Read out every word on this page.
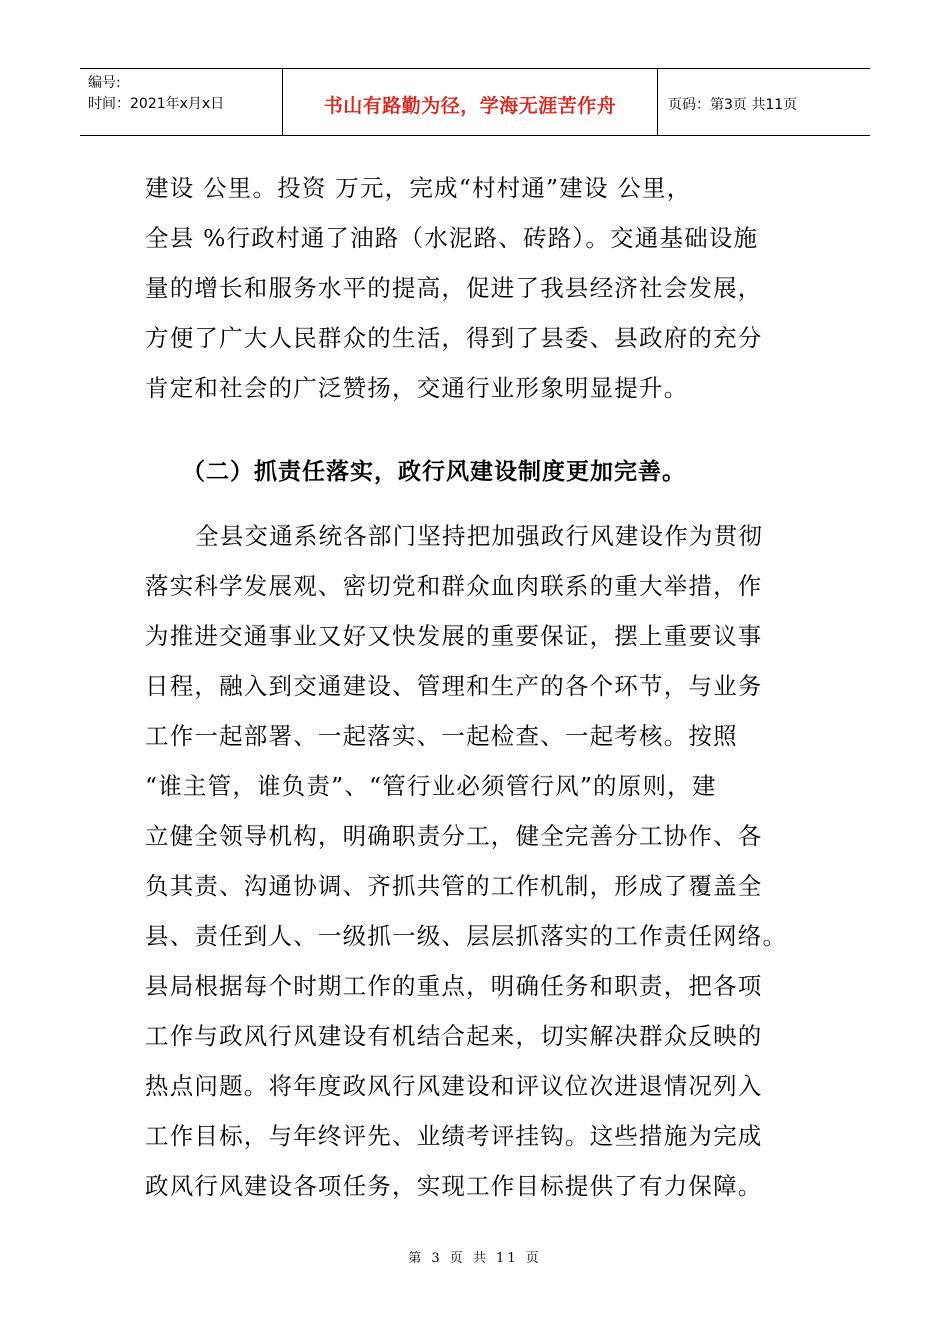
编号:
时间：2021年x月x日	书山有路勤为径，学海无涯苦作舟	页码：第3页 共11页
建设 公里。投资 万元，完成“村村通”建设 公里，
全县 %行政村通了油路（水泥路、砖路）。交通基础设施
量的增长和服务水平的提高，促进了我县经济社会发展，
方便了广大人民群众的生活，得到了县委、县政府的充分
肯定和社会的广泛赞扬，交通行业形象明显提升。
（二）抓责任落实，政行风建设制度更加完善。
全县交通系统各部门坚持把加强政行风建设作为贯彻
落实科学发展观、密切党和群众血肉联系的重大举措，作
为推进交通事业又好又快发展的重要保证，摆上重要议事
日程，融入到交通建设、管理和生产的各个环节，与业务
工作一起部署、一起落实、一起检查、一起考核。按照
“谁主管，谁负责”、“管行业必须管行风”的原则，建
立健全领导机构，明确职责分工，健全完善分工协作、各
负其责、沟通协调、齐抓共管的工作机制，形成了覆盖全
县、责任到人、一级抓一级、层层抓落实的工作责任网络。
县局根据每个时期工作的重点，明确任务和职责，把各项
工作与政风行风建设有机结合起来，切实解决群众反映的
热点问题。将年度政风行风建设和评议位次进退情况列入
工作目标，与年终评先、业绩考评挂钩。这些措施为完成
政风行风建设各项任务，实现工作目标提供了有力保障。
第 3 页 共 11 页
